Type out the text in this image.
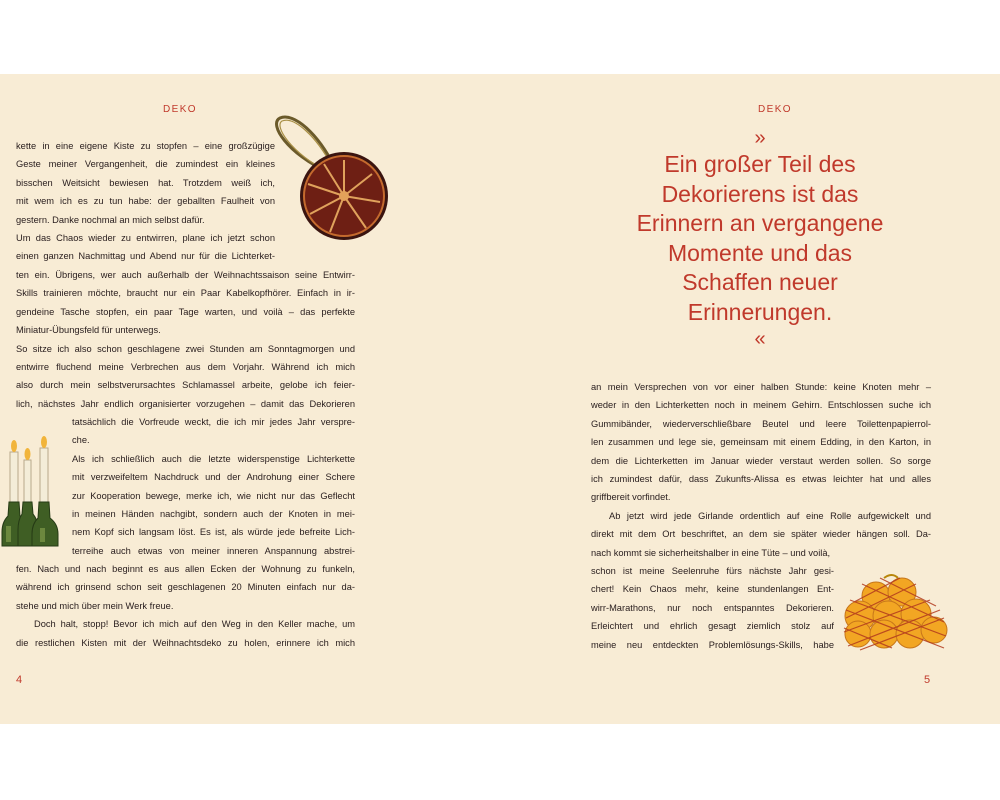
DEKO

kette in eine eigene Kiste zu stopfen – eine großzügige
Geste meiner Vergangenheit, die zumindest ein kleines
bisschen Weitsicht bewiesen hat. Trotzdem weiß ich,
mit wem ich es zu tun habe: der geballten Faulheit von
gestern. Danke nochmal an mich selbst dafür.
Um das Chaos wieder zu entwirren, plane ich jetzt schon
einen ganzen Nachmittag und Abend nur für die Lichterket-

ten ein. Übrigens, wer auch außerhalb der Weihnachtssaison seine Entwirr-
Skills trainieren möchte, braucht nur ein Paar Kabelkopfhörer. Einfach in ir-
gendeine Tasche stopfen, ein paar Tage warten, und voilà – das perfekte
Miniatur-Übungsfeld für unterwegs.
So sitze ich also schon geschlagene zwei Stunden am Sonntagmorgen und
entwirre fluchend meine Verbrechen aus dem Vorjahr. Während ich mich
also durch mein selbstverursachtes Schlamassel arbeite, gelobe ich feier-
lich, nächstes Jahr endlich organisierter vorzugehen – damit das Dekorieren

tatsächlich die Vorfreude weckt, die ich mir jedes Jahr verspre-
che.
Als ich schließlich auch die letzte widerspenstige Lichterkette
mit verzweifeltem Nachdruck und der Androhung einer Schere
zur Kooperation bewege, merke ich, wie nicht nur das Geflecht
in meinen Händen nachgibt, sondern auch der Knoten in mei-
nem Kopf sich langsam löst. Es ist, als würde jede befreite Lich-
terreihe auch etwas von meiner inneren Anspannung abstrei-

fen. Nach und nach beginnt es aus allen Ecken der Wohnung zu funkeln,
während ich grinsend schon seit geschlagenen 20 Minuten einfach nur da-
stehe und mich über mein Werk freue.
Doch halt, stopp! Bevor ich mich auf den Weg in den Keller mache, um
die restlichen Kisten mit der Weihnachtsdeko zu holen, erinnere ich mich

4
DEKO
»
Ein großer Teil des
Dekorierens ist das
Erinnern an vergangene
Momente und das
Schaffen neuer
Erinnerungen.
«

an mein Versprechen von vor einer halben Stunde: keine Knoten mehr –
weder in den Lichterketten noch in meinem Gehirn. Entschlossen suche ich
Gummibänder, wiederverschließbare Beutel und leere Toilettenpapierrol-
len zusammen und lege sie, gemeinsam mit einem Edding, in den Karton, in
dem die Lichterketten im Januar wieder verstaut werden sollen. So sorge
ich zumindest dafür, dass Zukunfts-Alissa es etwas leichter hat und alles
griffbereit vorfindet.
Ab jetzt wird jede Girlande ordentlich auf eine Rolle aufgewickelt und
direkt mit dem Ort beschriftet, an dem sie später wieder hängen soll. Da-
nach kommt sie sicherheitshalber in eine Tüte – und voilà,

schon ist meine Seelenruhe fürs nächste Jahr gesi-
chert! Kein Chaos mehr, keine stundenlangen Ent-
wirr-Marathons, nur noch entspanntes Dekorieren.
Erleichtert und ehrlich gesagt ziemlich stolz auf
meine neu entdeckten Problemlösungs-Skills, habe

5
